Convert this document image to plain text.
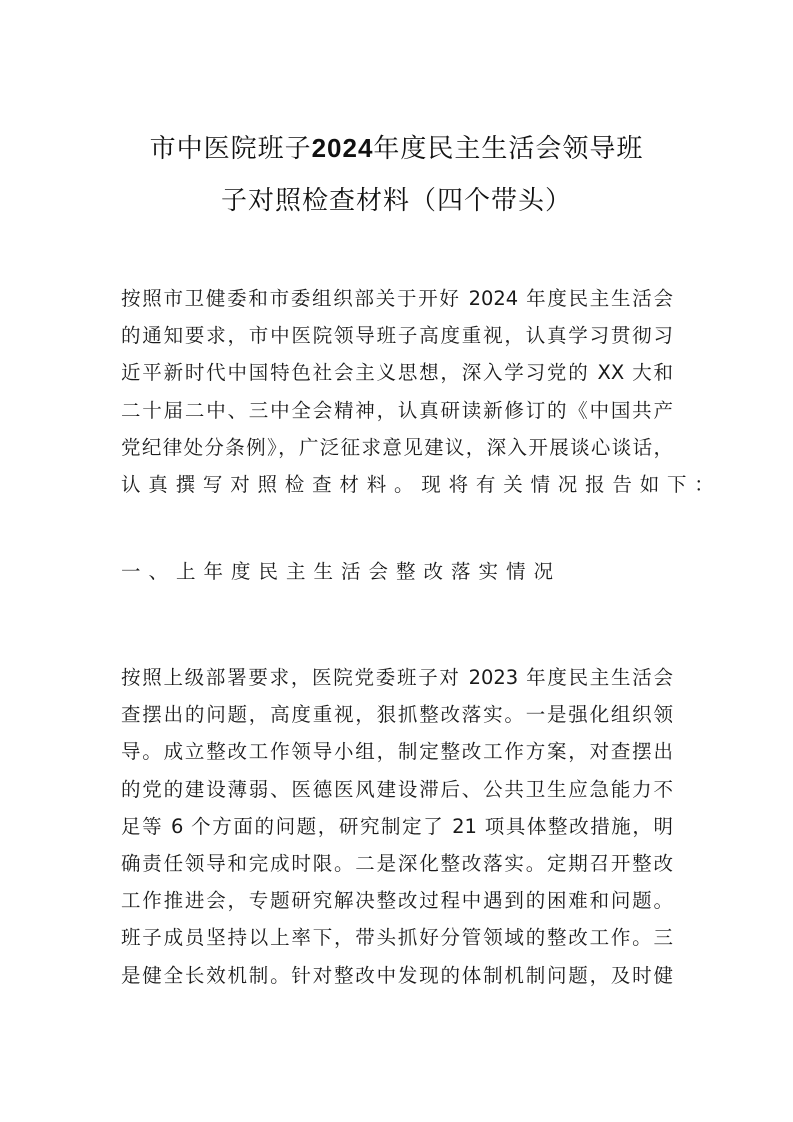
市中医院班子2024年度民主生活会领导班
子对照检查材料（四个带头）

按照市卫健委和市委组织部关于开好 2024 年度民主生活会
的通知要求，市中医院领导班子高度重视，认真学习贯彻习
近平新时代中国特色社会主义思想，深入学习党的 XX 大和
二十届二中、三中全会精神，认真研读新修订的《中国共产
党纪律处分条例》，广泛征求意见建议，深入开展谈心谈话，
认真撰写对照检查材料。现将有关情况报告如下：

一、上年度民主生活会整改落实情况

按照上级部署要求，医院党委班子对 2023 年度民主生活会
查摆出的问题，高度重视，狠抓整改落实。一是强化组织领
导。成立整改工作领导小组，制定整改工作方案，对查摆出
的党的建设薄弱、医德医风建设滞后、公共卫生应急能力不
足等 6 个方面的问题，研究制定了 21 项具体整改措施，明
确责任领导和完成时限。二是深化整改落实。定期召开整改
工作推进会，专题研究解决整改过程中遇到的困难和问题。
班子成员坚持以上率下，带头抓好分管领域的整改工作。三
是健全长效机制。针对整改中发现的体制机制问题，及时健
